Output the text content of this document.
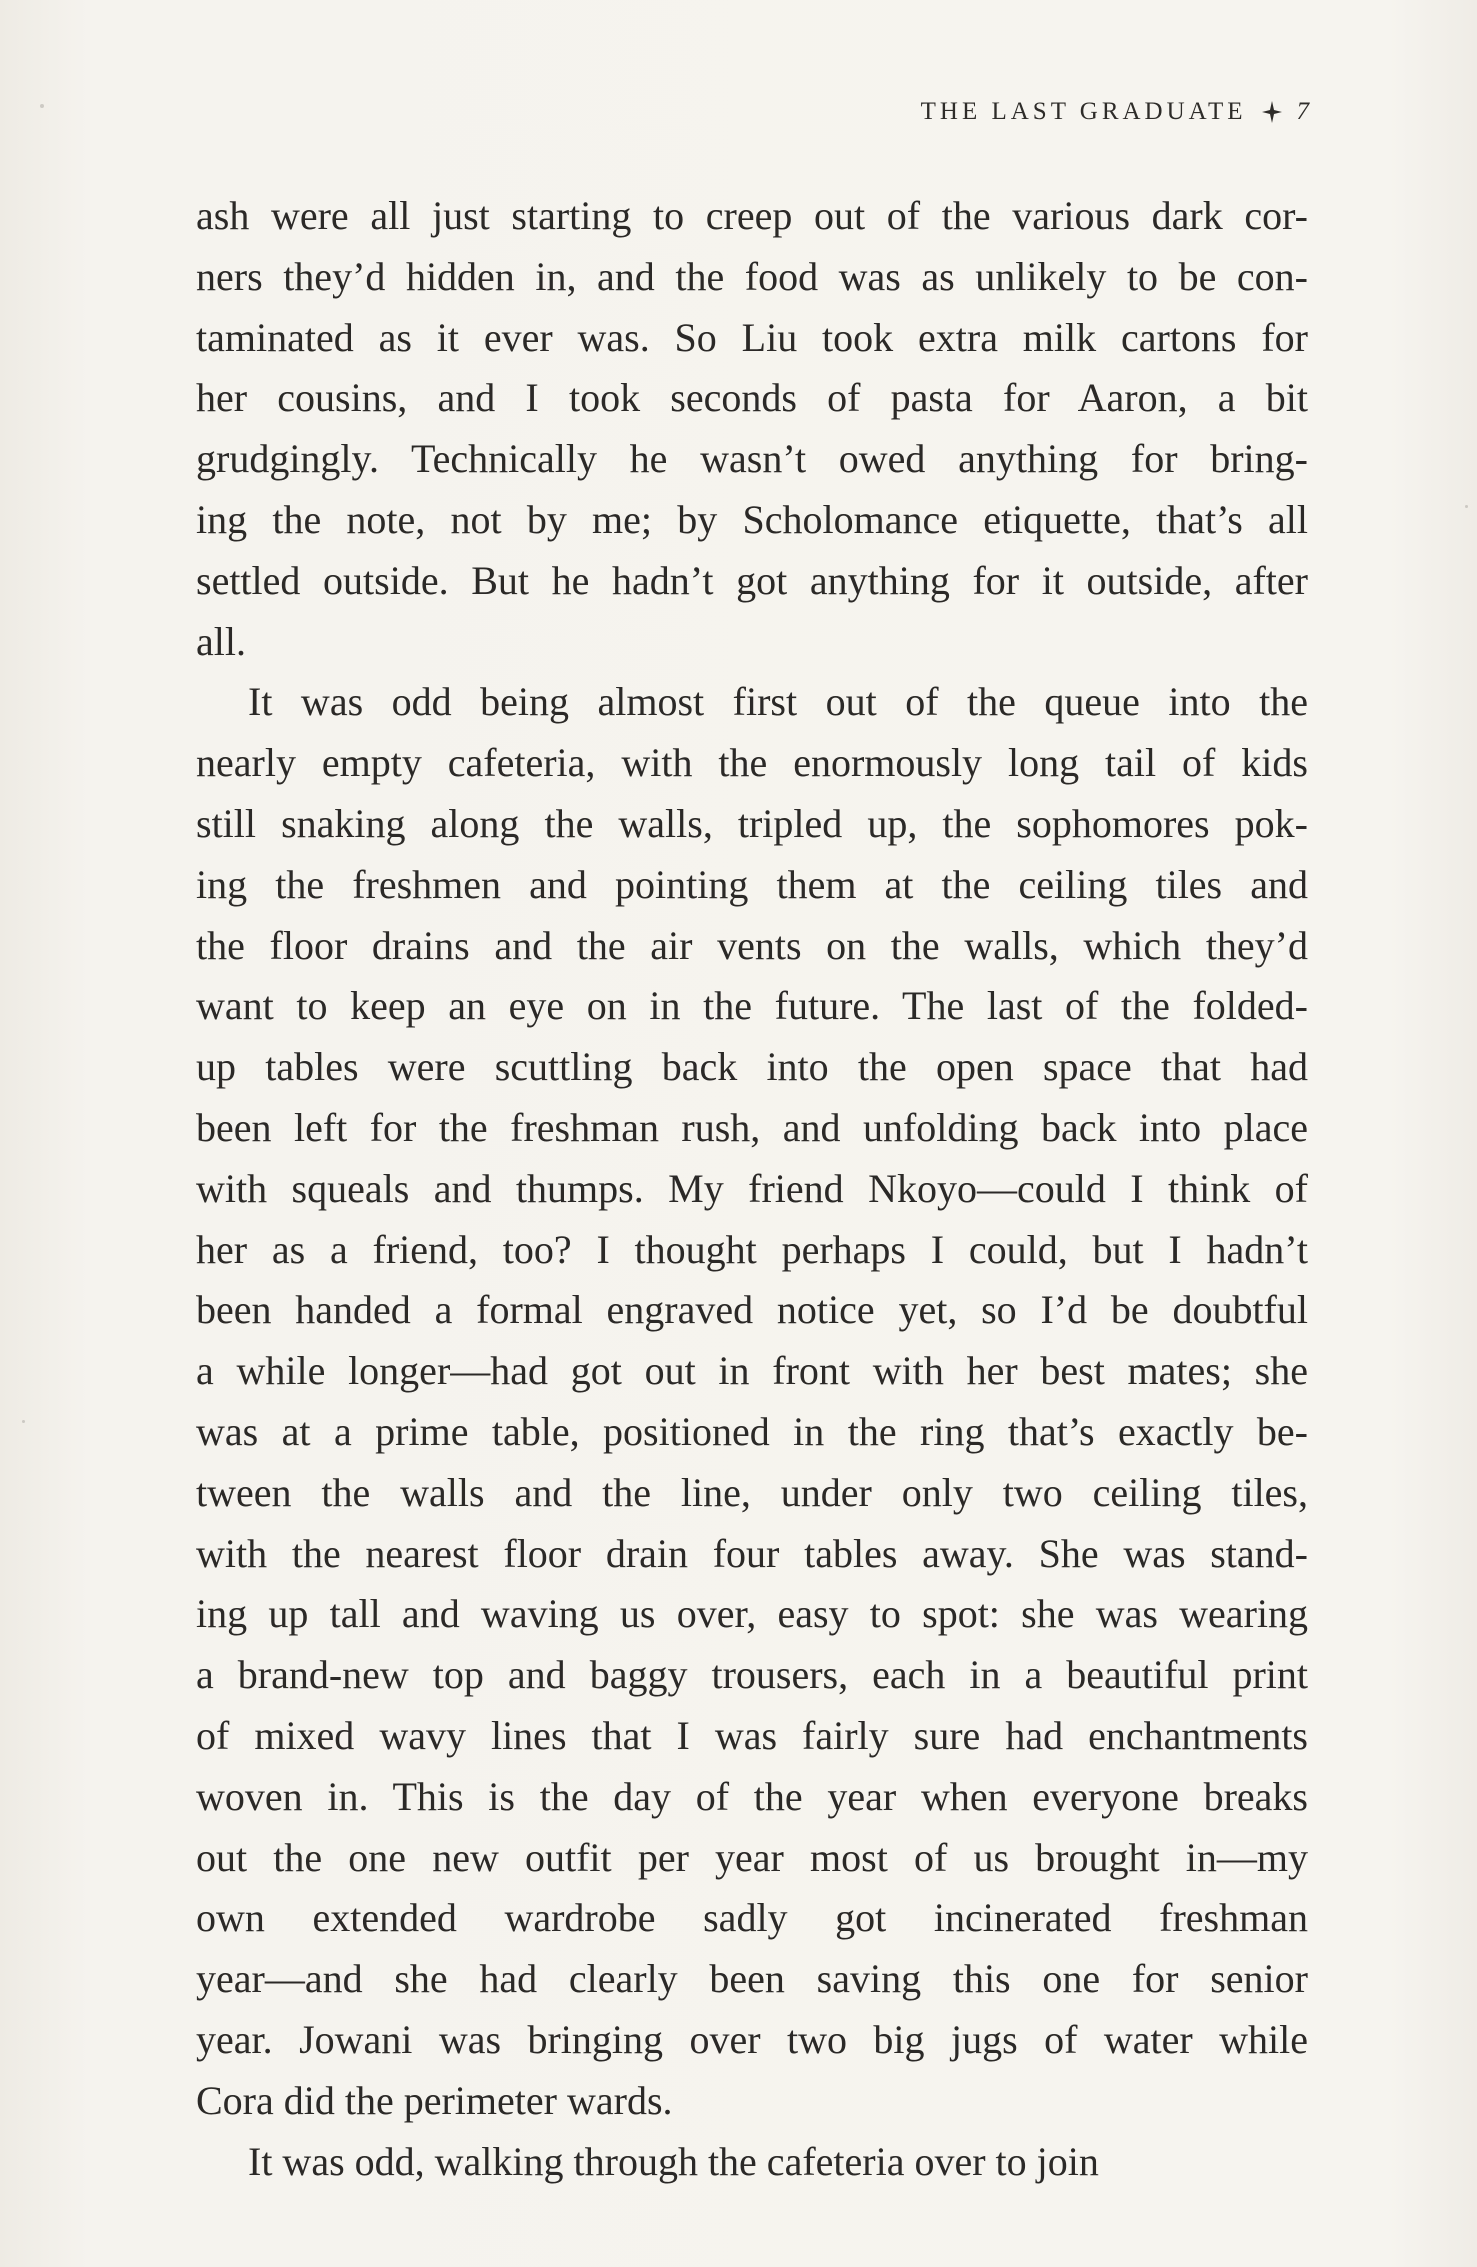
THE LAST GRADUATE 7
ash were all just starting to creep out of the various dark cor-
ners they’d hidden in, and the food was as unlikely to be con-
taminated as it ever was. So Liu took extra milk cartons for
her cousins, and I took seconds of pasta for Aaron, a bit
grudgingly. Technically he wasn’t owed anything for bring-
ing the note, not by me; by Scholomance etiquette, that’s all
settled outside. But he hadn’t got anything for it outside, after
all.
It was odd being almost first out of the queue into the
nearly empty cafeteria, with the enormously long tail of kids
still snaking along the walls, tripled up, the sophomores pok-
ing the freshmen and pointing them at the ceiling tiles and
the floor drains and the air vents on the walls, which they’d
want to keep an eye on in the future. The last of the folded-
up tables were scuttling back into the open space that had
been left for the freshman rush, and unfolding back into place
with squeals and thumps. My friend Nkoyo—could I think of
her as a friend, too? I thought perhaps I could, but I hadn’t
been handed a formal engraved notice yet, so I’d be doubtful
a while longer—had got out in front with her best mates; she
was at a prime table, positioned in the ring that’s exactly be-
tween the walls and the line, under only two ceiling tiles,
with the nearest floor drain four tables away. She was stand-
ing up tall and waving us over, easy to spot: she was wearing
a brand-new top and baggy trousers, each in a beautiful print
of mixed wavy lines that I was fairly sure had enchantments
woven in. This is the day of the year when everyone breaks
out the one new outfit per year most of us brought in—my
own extended wardrobe sadly got incinerated freshman
year—and she had clearly been saving this one for senior
year. Jowani was bringing over two big jugs of water while
Cora did the perimeter wards.
It was odd, walking through the cafeteria over to join
